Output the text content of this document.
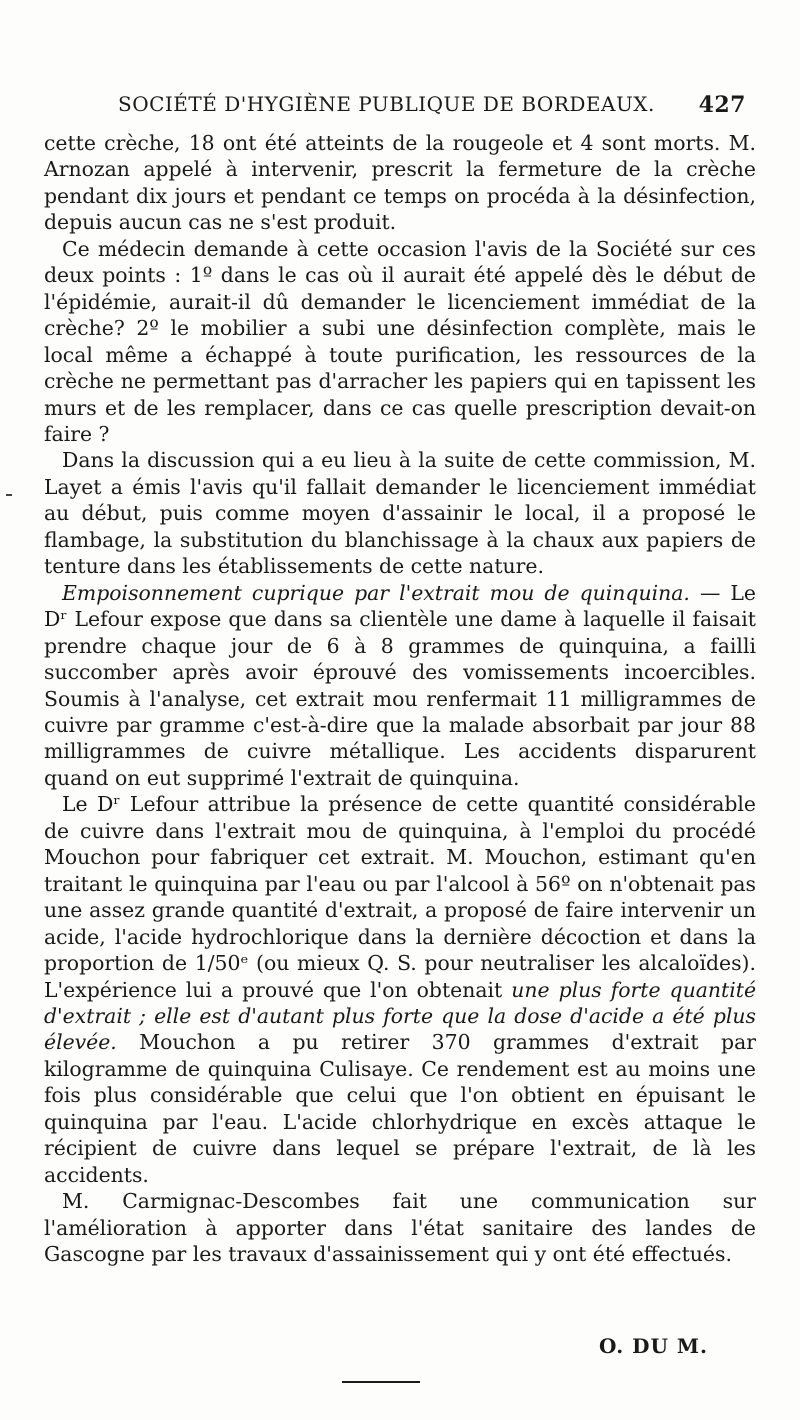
SOCIÉTÉ D'HYGIÈNE PUBLIQUE DE BORDEAUX. 427

cette crèche, 18 ont été atteints de la rougeole et 4 sont morts. M. Arnozan appelé à intervenir, prescrit la fermeture de la crèche pendant dix jours et pendant ce temps on procéda à la désinfection, depuis aucun cas ne s'est produit.

Ce médecin demande à cette occasion l'avis de la Société sur ces deux points : 1º dans le cas où il aurait été appelé dès le début de l'épidémie, aurait-il dû demander le licenciement immédiat de la crèche? 2º le mobilier a subi une désinfection complète, mais le local même a échappé à toute purification, les ressources de la crèche ne permettant pas d'arracher les papiers qui en tapissent les murs et de les remplacer, dans ce cas quelle prescription devait-on faire ?

Dans la discussion qui a eu lieu à la suite de cette commission, M. Layet a émis l'avis qu'il fallait demander le licenciement immédiat au début, puis comme moyen d'assainir le local, il a proposé le flambage, la substitution du blanchissage à la chaux aux papiers de tenture dans les établissements de cette nature.

Empoisonnement cuprique par l'extrait mou de quinquina. — Le Dʳ Lefour expose que dans sa clientèle une dame à laquelle il faisait prendre chaque jour de 6 à 8 grammes de quinquina, a failli succomber après avoir éprouvé des vomissements incoercibles. Soumis à l'analyse, cet extrait mou renfermait 11 milligrammes de cuivre par gramme c'est-à-dire que la malade absorbait par jour 88 milligrammes de cuivre métallique. Les accidents disparurent quand on eut supprimé l'extrait de quinquina.

Le Dʳ Lefour attribue la présence de cette quantité considérable de cuivre dans l'extrait mou de quinquina, à l'emploi du procédé Mouchon pour fabriquer cet extrait. M. Mouchon, estimant qu'en traitant le quinquina par l'eau ou par l'alcool à 56º on n'obtenait pas une assez grande quantité d'extrait, a proposé de faire intervenir un acide, l'acide hydrochlorique dans la dernière décoction et dans la proportion de 1/50ᵉ (ou mieux Q. S. pour neutraliser les alcaloïdes). L'expérience lui a prouvé que l'on obtenait une plus forte quantité d'extrait ; elle est d'autant plus forte que la dose d'acide a été plus élevée. Mouchon a pu retirer 370 grammes d'extrait par kilogramme de quinquina Culisaye. Ce rendement est au moins une fois plus considérable que celui que l'on obtient en épuisant le quinquina par l'eau. L'acide chlorhydrique en excès attaque le récipient de cuivre dans lequel se prépare l'extrait, de là les accidents.

M. Carmignac-Descombes fait une communication sur l'amélioration à apporter dans l'état sanitaire des landes de Gascogne par les travaux d'assainissement qui y ont été effectués.

O. DU M.
